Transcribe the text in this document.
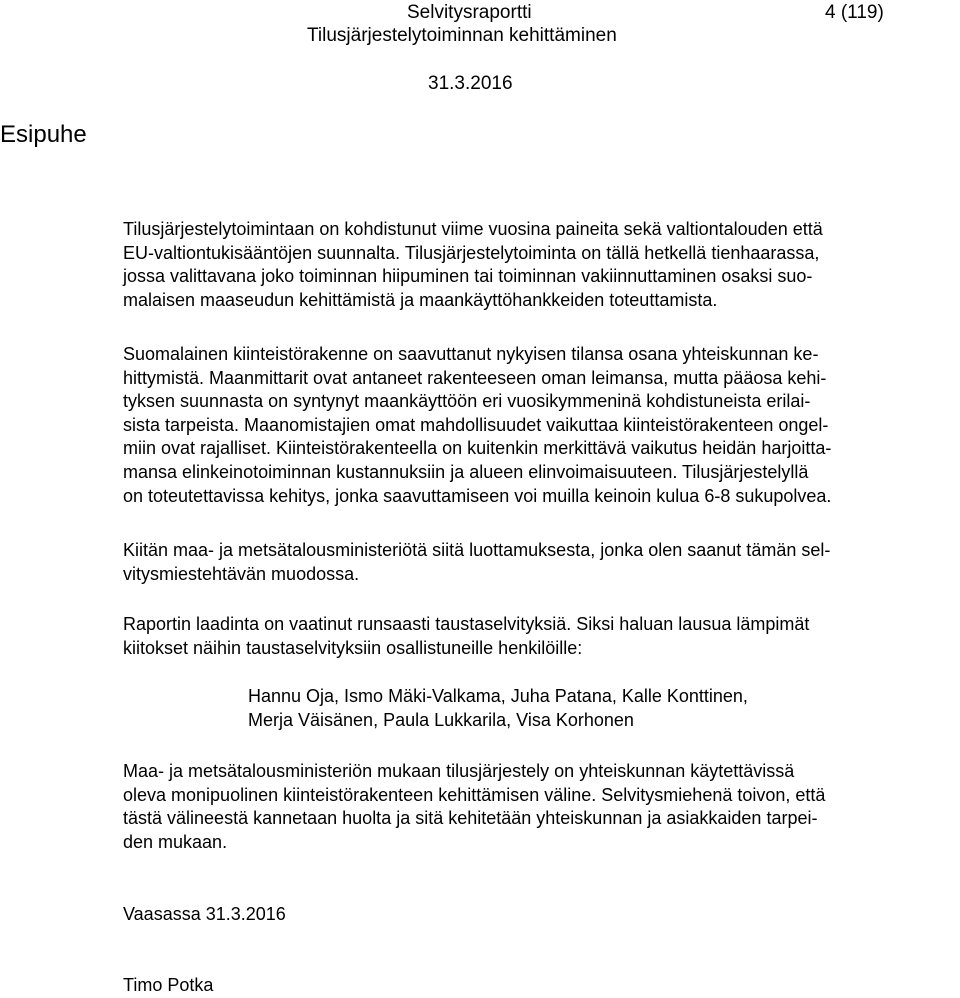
Selvitysraportti	4 (119)
Tilusjärjestelytoiminnan kehittäminen
31.3.2016
Esipuhe
Tilusjärjestelytoimintaan on kohdistunut viime vuosina paineita sekä valtiontalouden että
EU-valtiontukisääntöjen suunnalta. Tilusjärjestelytoiminta on tällä hetkellä tienhaarassa,
jossa valittavana joko toiminnan hiipuminen tai toiminnan vakiinnuttaminen osaksi suo-
malaisen maaseudun kehittämistä ja maankäyttöhankkeiden toteuttamista.
Suomalainen kiinteistörakenne on saavuttanut nykyisen tilansa osana yhteiskunnan ke-
hittymistä. Maanmittarit ovat antaneet rakenteeseen oman leimansa, mutta pääosa kehi-
tyksen suunnasta on syntynyt maankäyttöön eri vuosikymmeninä kohdistuneista erilai-
sista tarpeista. Maanomistajien omat mahdollisuudet vaikuttaa kiinteistörakenteen ongel-
miin ovat rajalliset. Kiinteistörakenteella on kuitenkin merkittävä vaikutus heidän harjoitta-
mansa elinkeinotoiminnan kustannuksiin ja alueen elinvoimaisuuteen. Tilusjärjestelyllä
on toteutettavissa kehitys, jonka saavuttamiseen voi muilla keinoin kulua 6-8 sukupolvea.
Kiitän maa- ja metsätalousministeriötä siitä luottamuksesta, jonka olen saanut tämän sel-
vitysmiestehtävän muodossa.
Raportin laadinta on vaatinut runsaasti taustaselvityksiä. Siksi haluan lausua lämpimät
kiitokset näihin taustaselvityksiin osallistuneille henkilöille:
Hannu Oja, Ismo Mäki-Valkama, Juha Patana, Kalle Konttinen,
Merja Väisänen, Paula Lukkarila, Visa Korhonen
Maa- ja metsätalousministeriön mukaan tilusjärjestely on yhteiskunnan käytettävissä
oleva monipuolinen kiinteistörakenteen kehittämisen väline. Selvitysmiehenä toivon, että
tästä välineestä kannetaan huolta ja sitä kehitetään yhteiskunnan ja asiakkaiden tarpei-
den mukaan.
Vaasassa 31.3.2016
Timo Potka
